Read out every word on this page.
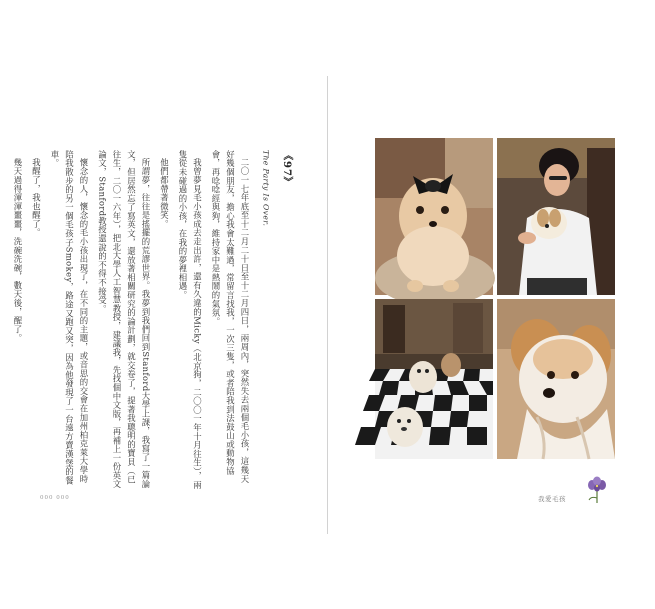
《97》

The Party Is Over.

二〇一七年底至十二月二十日至十二月四日，兩周內，突然失去兩個毛小孩，這幾天好幾個朋友，擔心我會太難過，常留言找我，一次三隻，或者陪我到法鼓山或動物協會，再唸唸經與狗，維持家中是熱鬧的氣氛。

我曾夢見毛小孩成去走出許，還有久違的Micky（北京狗，二〇〇一年十月往生），兩隻從未碰過的小孩，在我的夢裡相遇。

他們都帶著微笑。

所謂夢，往往是搖擺的荒謬世界。我夢到我們回到Stanford大學上課，我寫了一篇論文，但居然忘了寫英文，還放著相關研究的論計劃，就交卷了，提著我聰明的寶貝（已往生，二〇一六年），把北大學人工智慧教授，建議我，先找個中文版，再補上一份英文論文，Stanford教授還說的不得不接受。

懷念的人，懷念的毛小孩出現了，在不同的主題，或音思的交會在加州柏克萊大學時陪我散步的另一個毛孩子Smokey，路途又跑又突，因為他發現了一台遠方賣漢堡的餐車。

我醒了，我也醒了。

幾天過得渾渾噩噩，洗碗洗碗，數天後，醒了。

000 000	我愛毛孩
